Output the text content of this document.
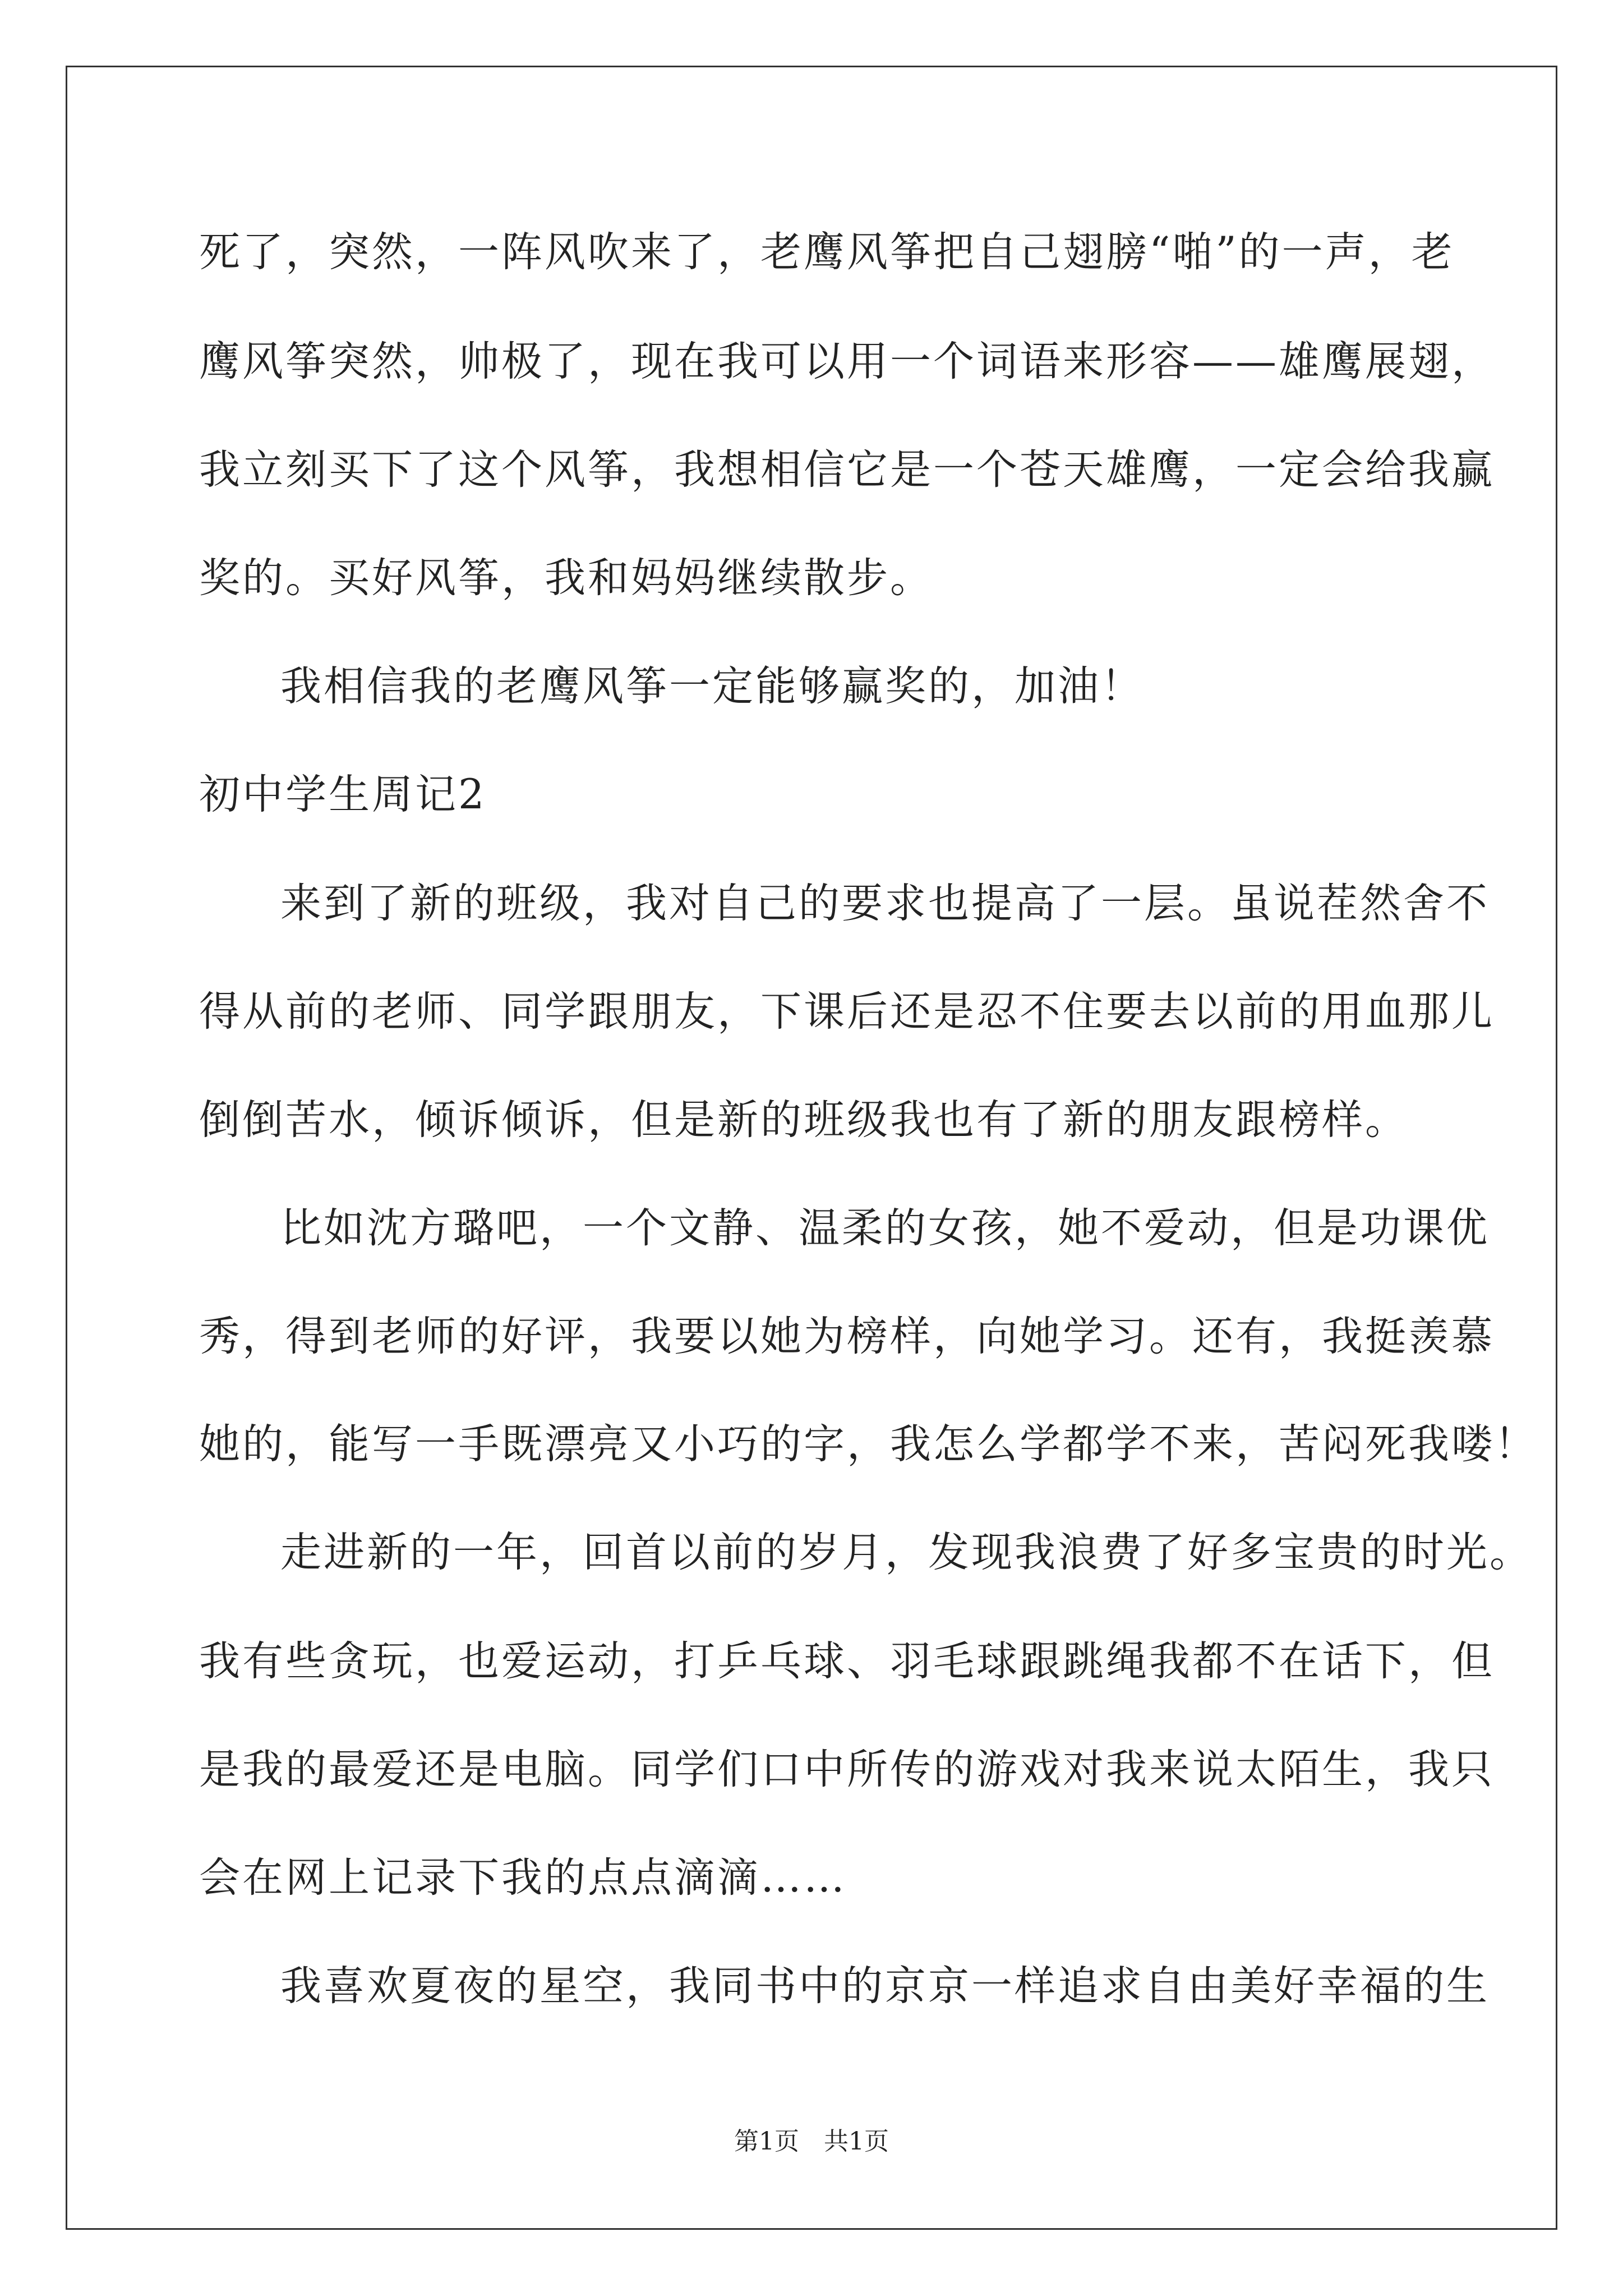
死了，突然，一阵风吹来了，老鹰风筝把自己翅膀“啪”的一声，老
鹰风筝突然，帅极了，现在我可以用一个词语来形容——雄鹰展翅，
我立刻买下了这个风筝，我想相信它是一个苍天雄鹰，一定会给我赢
奖的。买好风筝，我和妈妈继续散步。
我相信我的老鹰风筝一定能够赢奖的，加油！
初中学生周记2
来到了新的班级，我对自己的要求也提高了一层。虽说茬然舍不
得从前的老师、同学跟朋友，下课后还是忍不住要去以前的用血那儿
倒倒苦水，倾诉倾诉，但是新的班级我也有了新的朋友跟榜样。
比如沈方璐吧，一个文静、温柔的女孩，她不爱动，但是功课优
秀，得到老师的好评，我要以她为榜样，向她学习。还有，我挺羡慕
她的，能写一手既漂亮又小巧的字，我怎么学都学不来，苦闷死我喽！
走进新的一年，回首以前的岁月，发现我浪费了好多宝贵的时光。
我有些贪玩，也爱运动，打乒乓球、羽毛球跟跳绳我都不在话下，但
是我的最爱还是电脑。同学们口中所传的游戏对我来说太陌生，我只
会在网上记录下我的点点滴滴……
我喜欢夏夜的星空，我同书中的京京一样追求自由美好幸福的生
第1页　共1页
